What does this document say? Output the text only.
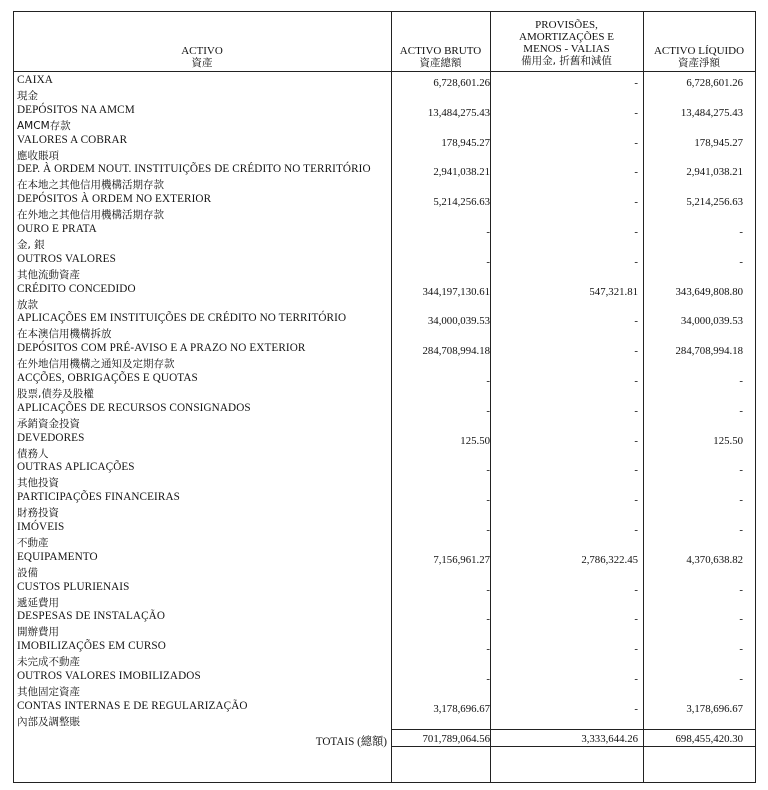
ACTIVO
資產
ACTIVO BRUTO
資產總額
PROVISÕES,
AMORTIZAÇÕES E
MENOS - VALIAS
備用金, 折舊和減值
ACTIVO LÍQUIDO
資產淨額
CAIXA
現金
6,728,601.26	-	6,728,601.26
DEPÓSITOS NA AMCM
AMCM存款
13,484,275.43	-	13,484,275.43
VALORES A COBRAR
應收賬項
178,945.27	-	178,945.27
DEP. À ORDEM NOUT. INSTITUIÇÕES DE CRÉDITO NO TERRITÓRIO
在本地之其他信用機構活期存款
2,941,038.21	-	2,941,038.21
DEPÓSITOS À ORDEM NO EXTERIOR
在外地之其他信用機構活期存款
5,214,256.63	-	5,214,256.63
OURO E PRATA
金, 銀
-	-	-
OUTROS VALORES
其他流動資產
-	-	-
CRÉDITO CONCEDIDO
放款
344,197,130.61	547,321.81	343,649,808.80
APLICAÇÕES EM INSTITUIÇÕES DE CRÉDITO NO TERRITÓRIO
在本澳信用機構拆放
34,000,039.53	-	34,000,039.53
DEPÓSITOS COM PRÉ-AVISO E A PRAZO NO EXTERIOR
在外地信用機構之通知及定期存款
284,708,994.18	-	284,708,994.18
ACÇÕES, OBRIGAÇÕES E QUOTAS
股票,債券及股權
-	-	-
APLICAÇÕES DE RECURSOS CONSIGNADOS
承銷資金投資
-	-	-
DEVEDORES
債務人
125.50	-	125.50
OUTRAS APLICAÇÕES
其他投資
-	-	-
PARTICIPAÇÕES FINANCEIRAS
財務投資
-	-	-
IMÓVEIS
不動產
-	-	-
EQUIPAMENTO
設備
7,156,961.27	2,786,322.45	4,370,638.82
CUSTOS PLURIENAIS
遞延費用
-	-	-
DESPESAS DE INSTALAÇÃO
開辦費用
-	-	-
IMOBILIZAÇÕES EM CURSO
未完成不動產
-	-	-
OUTROS VALORES IMOBILIZADOS
其他固定資產
-	-	-
CONTAS INTERNAS E DE REGULARIZAÇÃO
內部及調整賬
3,178,696.67	-	3,178,696.67
TOTAIS (總額)	701,789,064.56	3,333,644.26	698,455,420.30
